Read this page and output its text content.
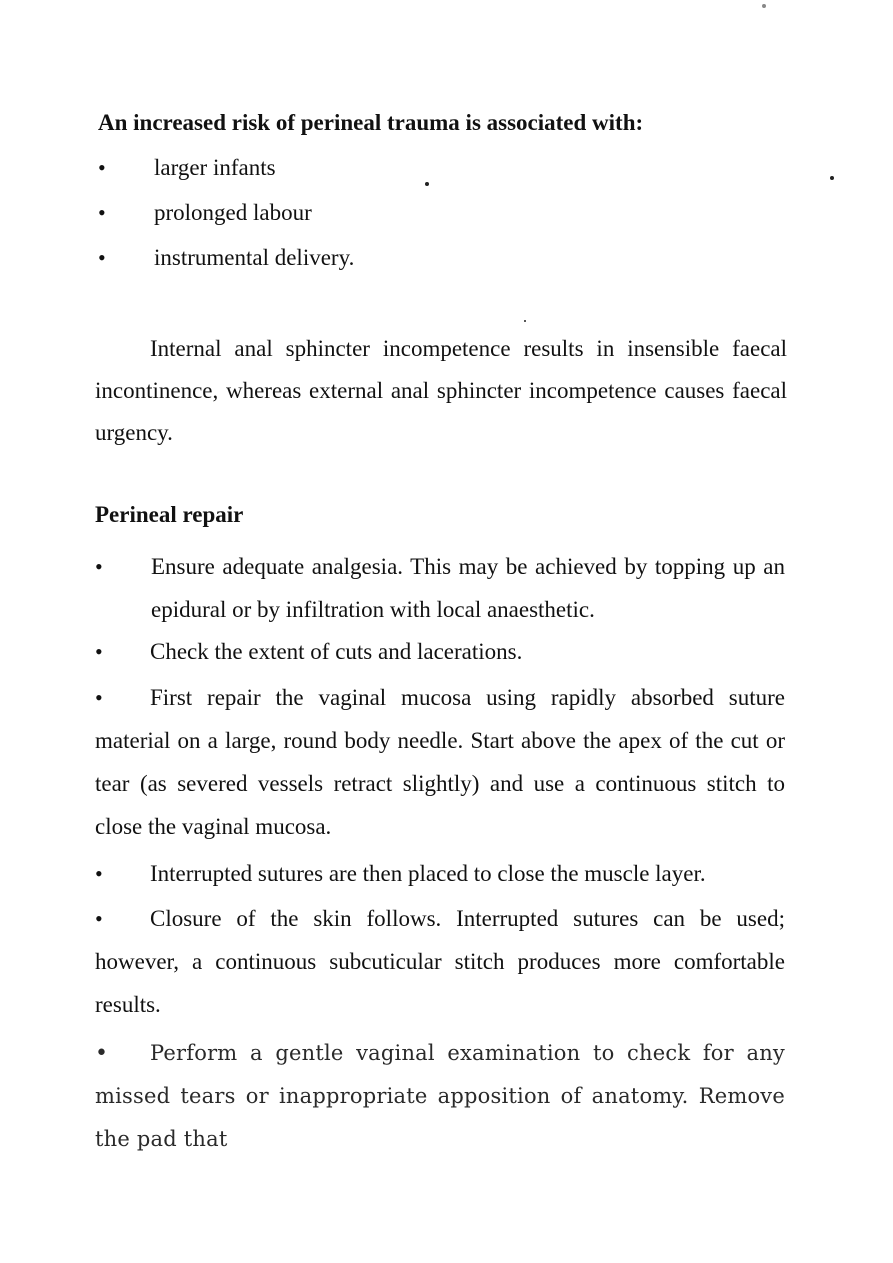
An increased risk of perineal trauma is associated with:
• larger infants
• prolonged labour
• instrumental delivery.
Internal anal sphincter incompetence results in insensible faecal incontinence, whereas external anal sphincter incompetence causes faecal urgency.
Perineal repair
• Ensure adequate analgesia. This may be achieved by topping up an epidural or by infiltration with local anaesthetic.
• Check the extent of cuts and lacerations.
• First repair the vaginal mucosa using rapidly absorbed suture material on a large, round body needle. Start above the apex of the cut or tear (as severed vessels retract slightly) and use a continuous stitch to close the vaginal mucosa.
• Interrupted sutures are then placed to close the muscle layer.
• Closure of the skin follows. Interrupted sutures can be used; however, a continuous subcuticular stitch produces more comfortable results.
• Perform a gentle vaginal examination to check for any missed tears or inappropriate apposition of anatomy. Remove the pad that
